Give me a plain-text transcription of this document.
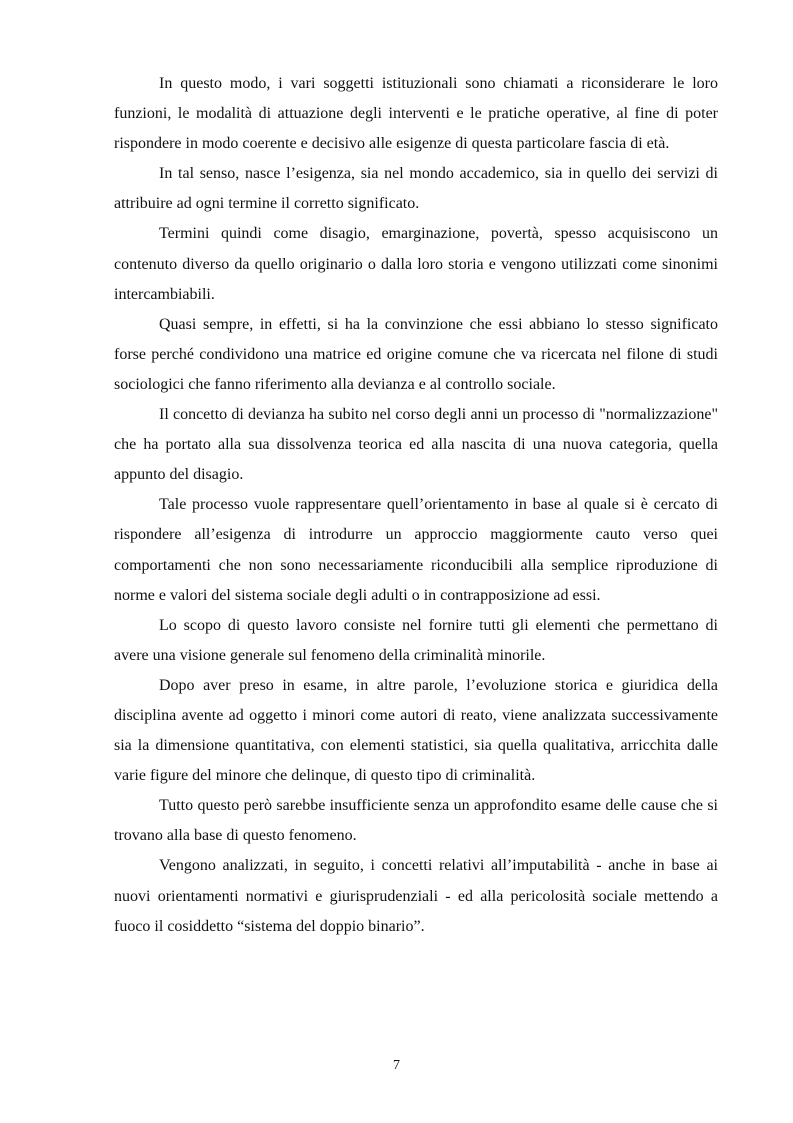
In questo modo, i vari soggetti istituzionali sono chiamati a riconsiderare le loro funzioni, le modalità di attuazione degli interventi e le pratiche operative, al fine di poter rispondere in modo coerente e decisivo alle esigenze di questa particolare fascia di età.

In tal senso, nasce l’esigenza, sia nel mondo accademico, sia in quello dei servizi di attribuire ad ogni termine il corretto significato.

Termini quindi come disagio, emarginazione, povertà, spesso acquisiscono un contenuto diverso da quello originario o dalla loro storia e vengono utilizzati come sinonimi intercambiabili.

Quasi sempre, in effetti, si ha la convinzione che essi abbiano lo stesso significato forse perché condividono una matrice ed origine comune che va ricercata nel filone di studi sociologici che fanno riferimento alla devianza e al controllo sociale.

Il concetto di devianza ha subito nel corso degli anni un processo di "normalizzazione" che ha portato alla sua dissolvenza teorica ed alla nascita di una nuova categoria, quella appunto del disagio.

Tale processo vuole rappresentare quell’orientamento in base al quale si è cercato di rispondere all’esigenza di introdurre un approccio maggiormente cauto verso quei comportamenti che non sono necessariamente riconducibili alla semplice riproduzione di norme e valori del sistema sociale degli adulti o in contrapposizione ad essi.

Lo scopo di questo lavoro consiste nel fornire tutti gli elementi che permettano di avere una visione generale sul fenomeno della criminalità minorile.

Dopo aver preso in esame, in altre parole, l’evoluzione storica e giuridica della disciplina avente ad oggetto i minori come autori di reato, viene analizzata successivamente sia la dimensione quantitativa, con elementi statistici, sia quella qualitativa, arricchita dalle varie figure del minore che delinque, di questo tipo di criminalità.

Tutto questo però sarebbe insufficiente senza un approfondito esame delle cause che si trovano alla base di questo fenomeno.

Vengono analizzati, in seguito, i concetti relativi all’imputabilità - anche in base ai nuovi orientamenti normativi e giurisprudenziali - ed alla pericolosità sociale mettendo a fuoco il cosiddetto “sistema del doppio binario”.

7
